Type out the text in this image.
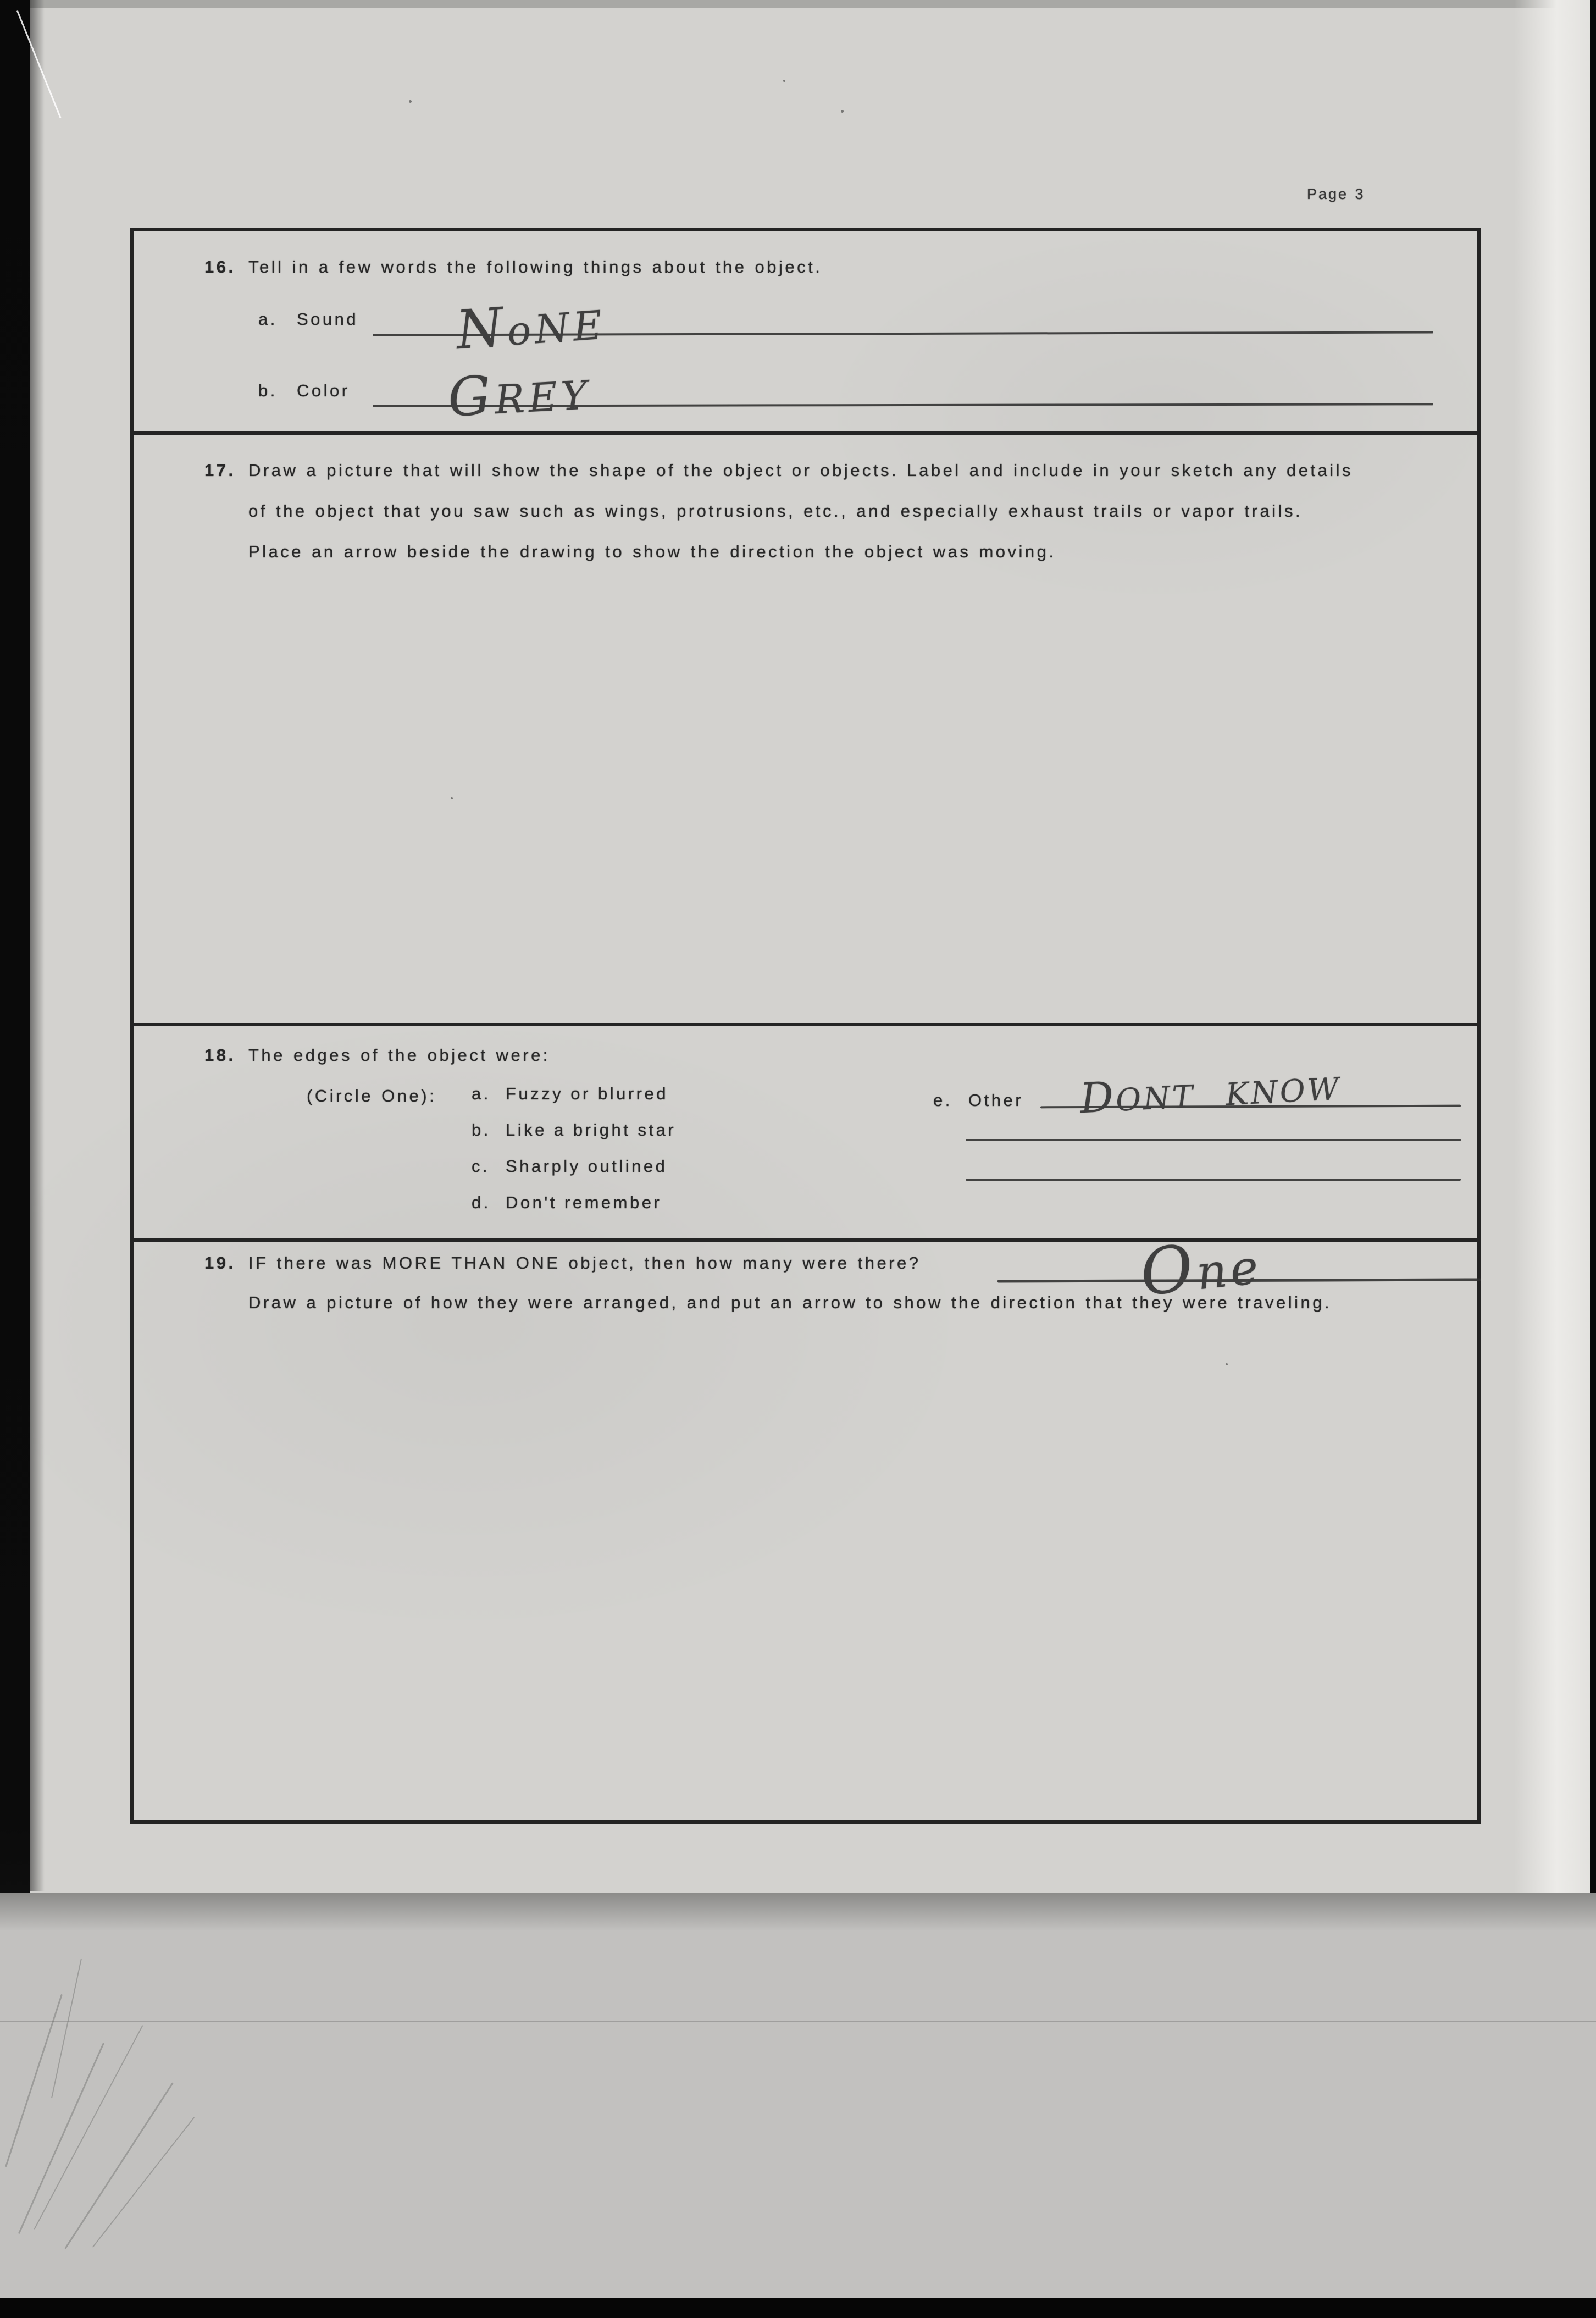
Page 3
16. Tell in a few words the following things about the object.
a. Sound NoNE
b. Color GREY
17. Draw a picture that will show the shape of the object or objects. Label and include in your sketch any details
of the object that you saw such as wings, protrusions, etc., and especially exhaust trails or vapor trails.
Place an arrow beside the drawing to show the direction the object was moving.
18. The edges of the object were:
(Circle One): a. Fuzzy or blurred
b. Like a bright star
c. Sharply outlined
d. Don't remember
e. Other DONT KNOW
19. IF there was MORE THAN ONE object, then how many were there?	One
Draw a picture of how they were arranged, and put an arrow to show the direction that they were traveling.
